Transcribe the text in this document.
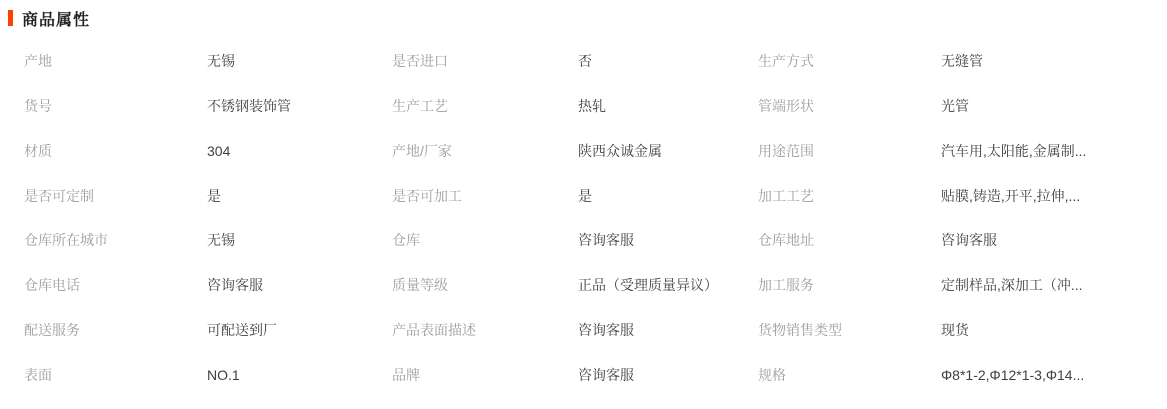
商品属性
产地	无锡	是否进口	否	生产方式	无缝管
货号	不锈钢装饰管	生产工艺	热轧	管端形状	光管
材质	304	产地/厂家	陕西众诚金属	用途范围	汽车用,太阳能,金属制...
是否可定制	是	是否可加工	是	加工工艺	贴膜,铸造,开平,拉伸,...
仓库所在城市	无锡	仓库	咨询客服	仓库地址	咨询客服
仓库电话	咨询客服	质量等级	正品（受理质量异议）	加工服务	定制样品,深加工（冲...
配送服务	可配送到厂	产品表面描述	咨询客服	货物销售类型	现货
表面	NO.1	品牌	咨询客服	规格	Φ8*1-2,Φ12*1-3,Φ14...
